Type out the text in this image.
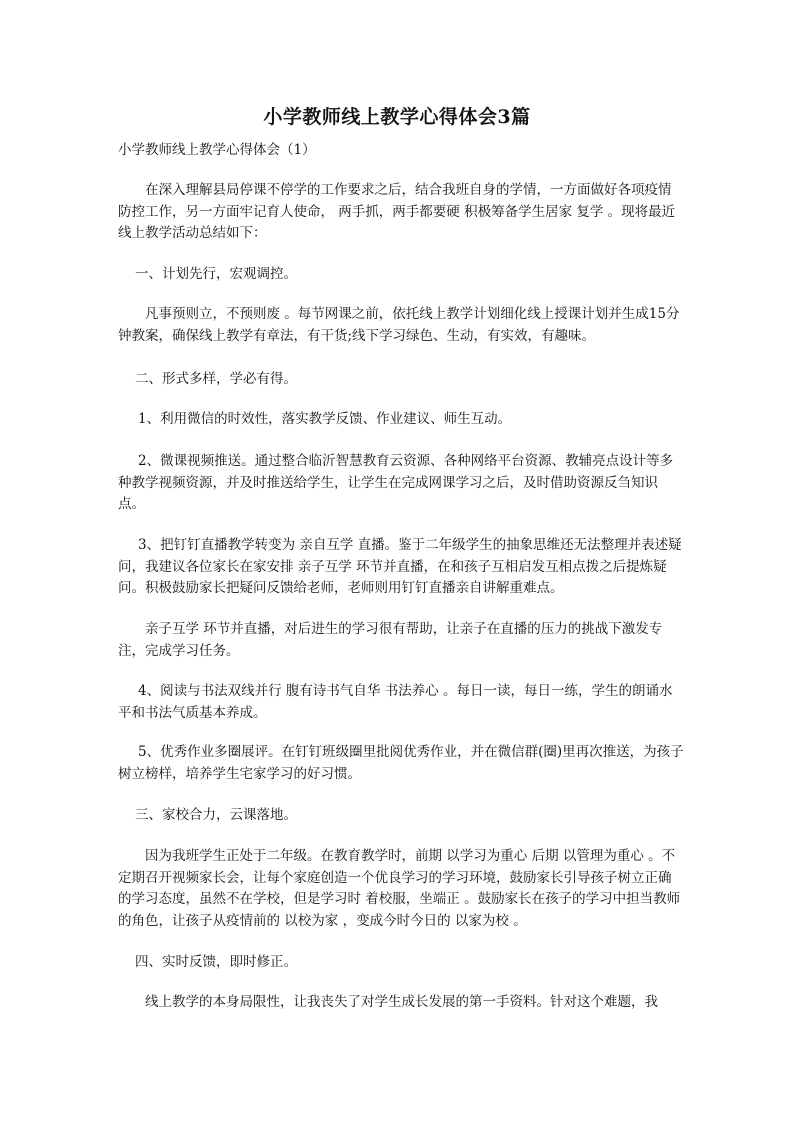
小学教师线上教学心得体会3篇

小学教师线上教学心得体会（1）

在深入理解县局停课不停学的工作要求之后，结合我班自身的学情，一方面做好各项疫情防控工作，另一方面牢记育人使命， 两手抓，两手都要硬 积极筹备学生居家 复学 。现将最近线上教学活动总结如下：

一、计划先行，宏观调控。

凡事预则立，不预则废 。每节网课之前，依托线上教学计划细化线上授课计划并生成15分钟教案，确保线上教学有章法，有干货;线下学习绿色、生动，有实效，有趣味。

二、形式多样，学必有得。

1、利用微信的时效性，落实教学反馈、作业建议、师生互动。

2、微课视频推送。通过整合临沂智慧教育云资源、各种网络平台资源、教辅亮点设计等多种教学视频资源，并及时推送给学生，让学生在完成网课学习之后，及时借助资源反刍知识点。

3、把钉钉直播教学转变为 亲自互学 直播。鉴于二年级学生的抽象思维还无法整理并表述疑问，我建议各位家长在家安排 亲子互学 环节并直播，在和孩子互相启发互相点拨之后提炼疑问。积极鼓励家长把疑问反馈给老师，老师则用钉钉直播亲自讲解重难点。

亲子互学 环节并直播，对后进生的学习很有帮助，让亲子在直播的压力的挑战下激发专注，完成学习任务。

4、阅读与书法双线并行 腹有诗书气自华 书法养心 。每日一读，每日一练，学生的朗诵水平和书法气质基本养成。

5、优秀作业多圈展评。在钉钉班级圈里批阅优秀作业，并在微信群(圈)里再次推送，为孩子树立榜样，培养学生宅家学习的好习惯。

三、家校合力，云课落地。

因为我班学生正处于二年级。在教育教学时，前期 以学习为重心 后期 以管理为重心 。不定期召开视频家长会，让每个家庭创造一个优良学习的学习环境，鼓励家长引导孩子树立正确的学习态度，虽然不在学校，但是学习时 着校服，坐端正 。鼓励家长在孩子的学习中担当教师的角色，让孩子从疫情前的 以校为家 ，变成今时今日的 以家为校 。

四、实时反馈，即时修正。

线上教学的本身局限性，让我丧失了对学生成长发展的第一手资料。针对这个难题，我
